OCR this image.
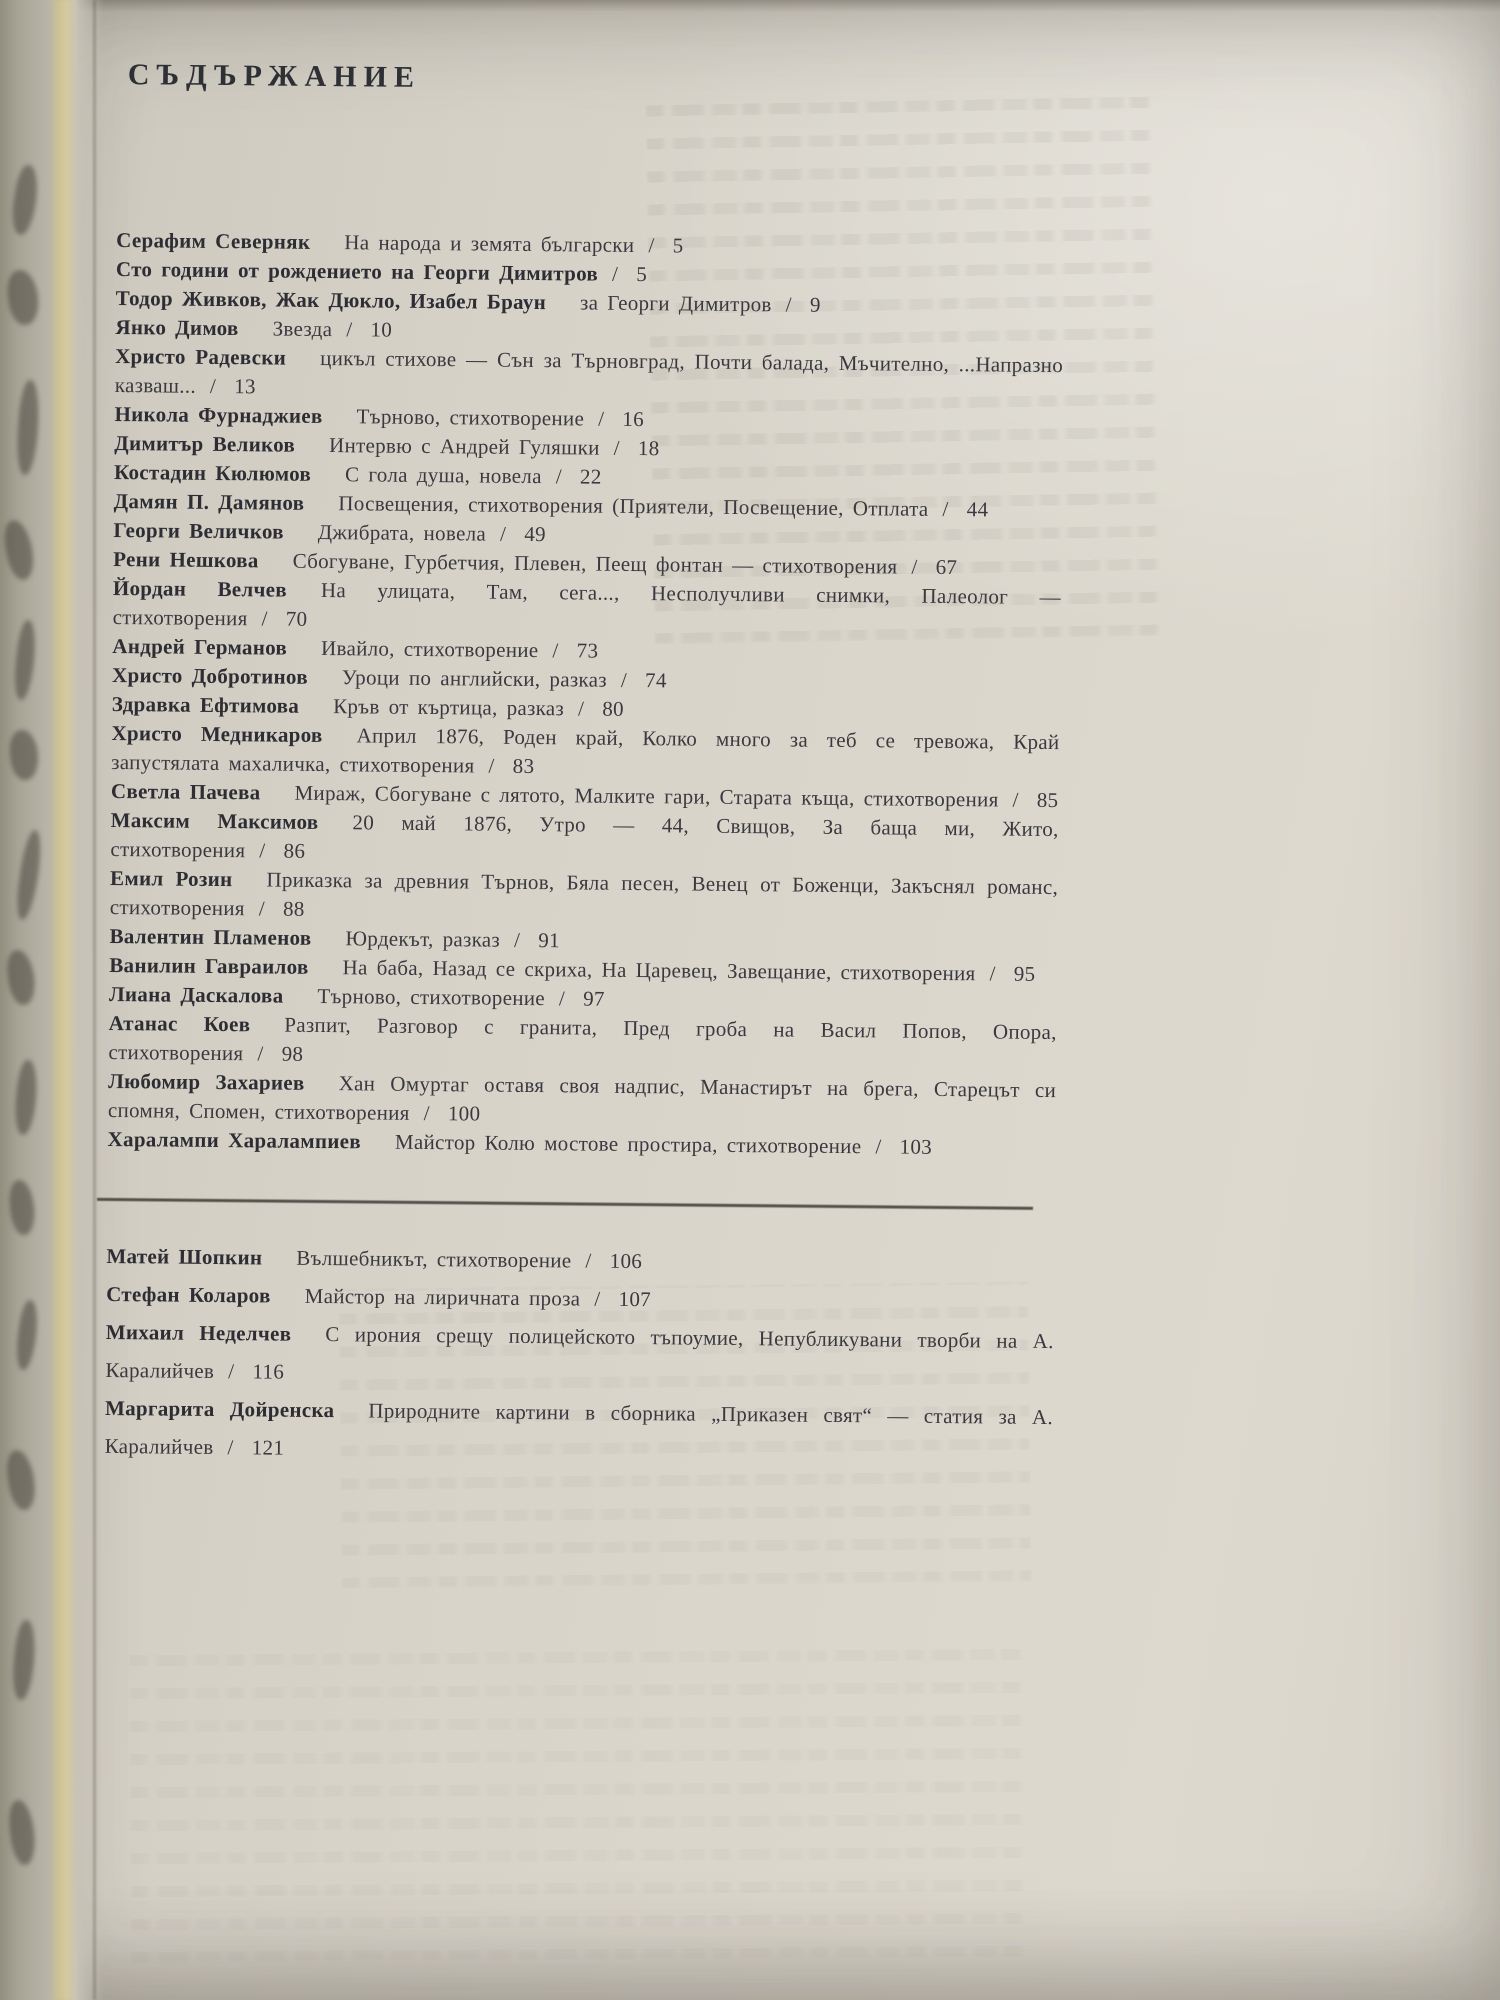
СЪДЪРЖАНИЕ

Серафим Северняк На народа и земята български /  5

Сто години от рождението на Георги Димитров /  5

Тодор Живков, Жак Дюкло, Изабел Браун за Георги Димитров /  9

Янко Димов Звезда /  10

Христо Радевски цикъл стихове — Сън за Търновград, Почти балада, Мъчително, ...Напразно казваш... /  13

Никола Фурнаджиев Търново, стихотворение /  16

Димитър Великов Интервю с Андрей Гуляшки /  18

Костадин Кюлюмов С гола душа, новела /  22

Дамян П. Дамянов Посвещения, стихотворения (Приятели, Посвещение, Отплата /  44

Георги Величков Джибрата, новела /  49

Рени Нешкова Сбогуване, Гурбетчия, Плевен, Пеещ фонтан — стихотворения /  67

Йордан Велчев На улицата, Там, сега..., Несполучливи снимки, Палеолог — стихотворения /  70

Андрей Германов Ивайло, стихотворение /  73

Христо Добротинов Уроци по английски, разказ /  74

Здравка Ефтимова Кръв от къртица, разказ /  80

Христо Медникаров Април 1876, Роден край, Колко много за теб се тревожа, Край запустялата махаличка, стихотворения /  83

Светла Пачева Мираж, Сбогуване с лятото, Малките гари, Старата къща, стихотворения /  85

Максим Максимов 20 май 1876, Утро — 44, Свищов, За баща ми, Жито, стихотворения /  86

Емил Розин Приказка за древния Търнов, Бяла песен, Венец от Боженци, Закъснял романс, стихотворения /  88

Валентин Пламенов Юрдекът, разказ /  91

Ванилин Гавраилов На баба, Назад се скриха, На Царевец, Завещание, стихотворения /  95

Лиана Даскалова Търново, стихотворение /  97

Атанас Коев Разпит, Разговор с гранита, Пред гроба на Васил Попов, Опора, стихотворения /  98

Любомир Захариев Хан Омуртаг оставя своя надпис, Манастирът на брега, Старецът си спомня, Спомен, стихотворения /  100

Харалампи Харалампиев Майстор Колю мостове простира, стихотворение /  103

Матей Шопкин Вълшебникът, стихотворение /  106

Стефан Коларов Майстор на лиричната проза /  107

Михаил Неделчев С ирония срещу полицейското тъпоумие, Непубликувани творби на А. Каралийчев /  116

Маргарита Дойренска Природните картини в сборника „Приказен свят“ — статия за А. Каралийчев /  121
